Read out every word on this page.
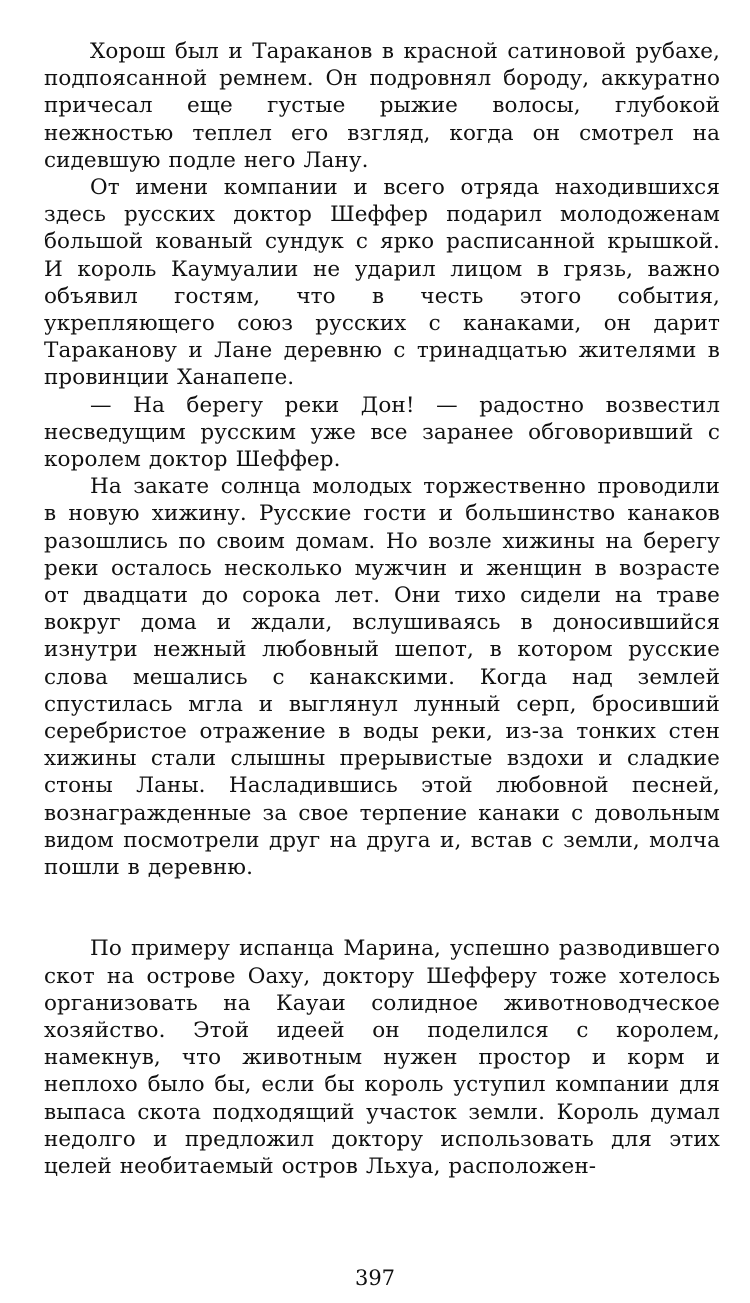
Хорош был и Тараканов в красной сатиновой рубахе, подпоясанной ремнем. Он подровнял бороду, аккуратно причесал еще густые рыжие волосы, глубокой нежностью теплел его взгляд, когда он смотрел на сидевшую подле него Лану.

От имени компании и всего отряда находившихся здесь русских доктор Шеффер подарил молодоженам большой кованый сундук с ярко расписанной крышкой. И король Каумуалии не ударил лицом в грязь, важно объявил гостям, что в честь этого события, укрепляющего союз русских с канаками, он дарит Тараканову и Лане деревню с тринадцатью жителями в провинции Ханапепе.

— На берегу реки Дон! — радостно возвестил несведущим русским уже все заранее обговоривший с королем доктор Шеффер.

На закате солнца молодых торжественно проводили в новую хижину. Русские гости и большинство канаков разошлись по своим домам. Но возле хижины на берегу реки осталось несколько мужчин и женщин в возрасте от двадцати до сорока лет. Они тихо сидели на траве вокруг дома и ждали, вслушиваясь в доносившийся изнутри нежный любовный шепот, в котором русские слова мешались с канакскими. Когда над землей спустилась мгла и выглянул лунный серп, бросивший серебристое отражение в воды реки, из-за тонких стен хижины стали слышны прерывистые вздохи и сладкие стоны Ланы. Насладившись этой любовной песней, вознагражденные за свое терпение канаки с довольным видом посмотрели друг на друга и, встав с земли, молча пошли в деревню.

По примеру испанца Марина, успешно разводившего скот на острове Оаху, доктору Шефферу тоже хотелось организовать на Кауаи солидное животноводческое хозяйство. Этой идеей он поделился с королем, намекнув, что животным нужен простор и корм и неплохо было бы, если бы король уступил компании для выпаса скота подходящий участок земли. Король думал недолго и предложил доктору использовать для этих целей необитаемый остров Льхуа, расположен-

397
